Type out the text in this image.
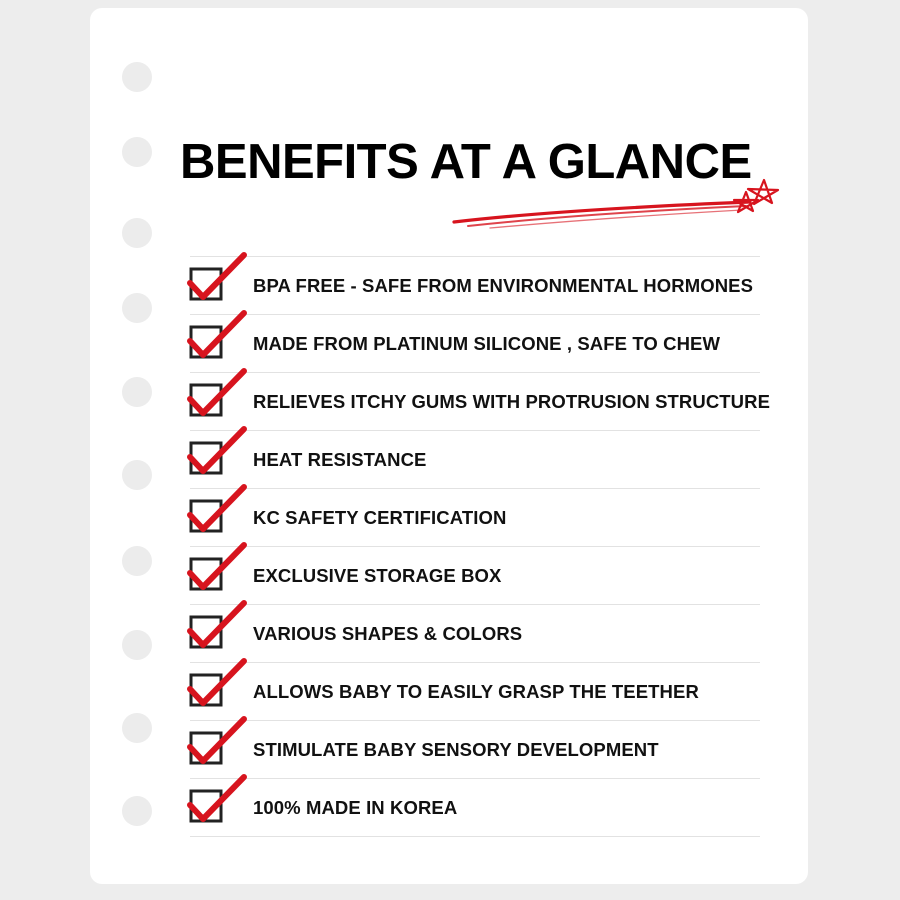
BENEFITS AT A GLANCE
BPA FREE - SAFE FROM ENVIRONMENTAL HORMONES
MADE FROM PLATINUM SILICONE , SAFE TO CHEW
RELIEVES ITCHY GUMS WITH PROTRUSION STRUCTURE
HEAT RESISTANCE
KC SAFETY CERTIFICATION
EXCLUSIVE STORAGE BOX
VARIOUS SHAPES & COLORS
ALLOWS BABY TO EASILY GRASP THE TEETHER
STIMULATE BABY SENSORY DEVELOPMENT
100% MADE IN KOREA
